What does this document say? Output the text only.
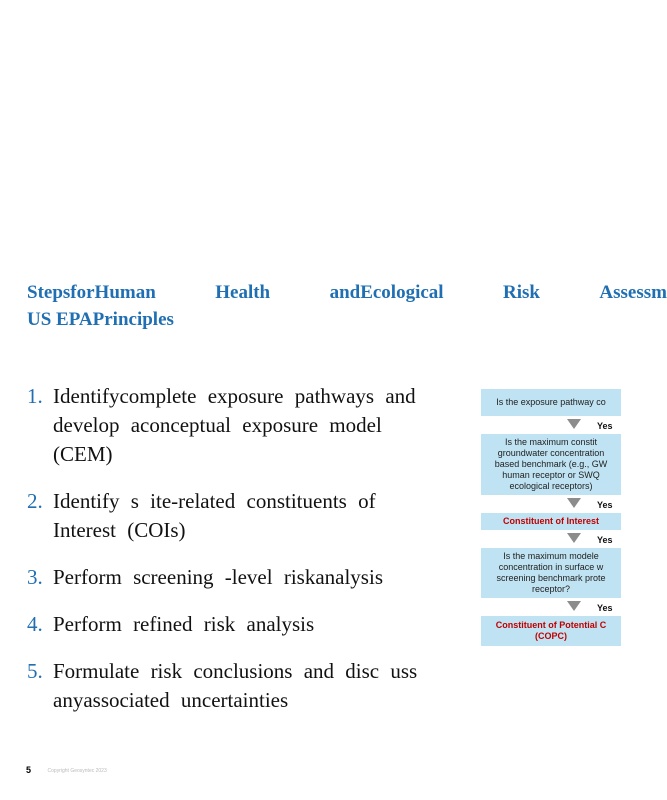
StepsforHuman	Health	andEcological	Risk	Assessm
US EPAPrinciples
1. Identifycomplete exposure pathways and develop aconceptual exposure model (CEM)
2. Identify s ite-related constituents of Interest (COIs)
3. Perform screening -level riskanalysis
4. Perform refined risk analysis
5. Formulate risk conclusions and disc uss anyassociated uncertainties
Is the exposure pathway co
Yes
Is the maximum constit
groundwater concentration
based benchmark (e.g., GW
human receptor or SWQ
ecological receptors)
Yes
Constituent of Interest
Yes
Is the maximum modele
concentration in surface w
screening benchmark prote
receptor?
Yes
Constituent of Potential C
(COPC)
5	Copyright Geosyntec 2023
